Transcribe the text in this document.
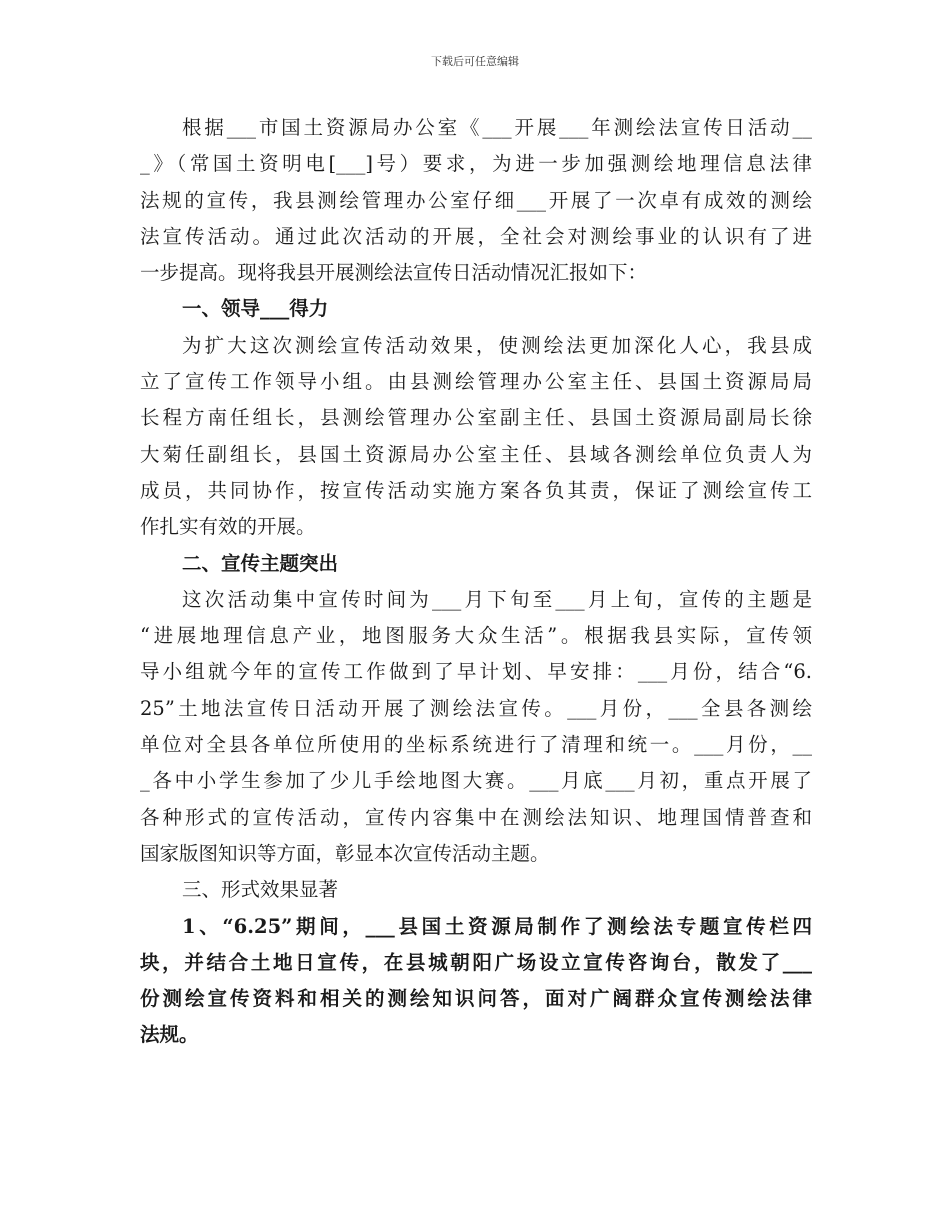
下载后可任意编辑
根据___市国土资源局办公室《___开展___年测绘法宣传日活动__
_》（常国土资明电[___]号）要求，为进一步加强测绘地理信息法律
法规的宣传，我县测绘管理办公室仔细___开展了一次卓有成效的测绘
法宣传活动。通过此次活动的开展，全社会对测绘事业的认识有了进
一步提高。现将我县开展测绘法宣传日活动情况汇报如下：
一、领导___得力
为扩大这次测绘宣传活动效果，使测绘法更加深化人心，我县成
立了宣传工作领导小组。由县测绘管理办公室主任、县国土资源局局
长程方南任组长，县测绘管理办公室副主任、县国土资源局副局长徐
大菊任副组长，县国土资源局办公室主任、县域各测绘单位负责人为
成员，共同协作，按宣传活动实施方案各负其责，保证了测绘宣传工
作扎实有效的开展。
二、宣传主题突出
这次活动集中宣传时间为___月下旬至___月上旬，宣传的主题是
“进展地理信息产业，地图服务大众生活”。根据我县实际，宣传领
导小组就今年的宣传工作做到了早计划、早安排：___月份，结合“6.
25”土地法宣传日活动开展了测绘法宣传。___月份，___全县各测绘
单位对全县各单位所使用的坐标系统进行了清理和统一。___月份，__
_各中小学生参加了少儿手绘地图大赛。___月底___月初，重点开展了
各种形式的宣传活动，宣传内容集中在测绘法知识、地理国情普查和
国家版图知识等方面，彰显本次宣传活动主题。
三、形式效果显著
1、“6.25”期间，___县国土资源局制作了测绘法专题宣传栏四
块，并结合土地日宣传，在县城朝阳广场设立宣传咨询台，散发了___
份测绘宣传资料和相关的测绘知识问答，面对广阔群众宣传测绘法律
法规。
